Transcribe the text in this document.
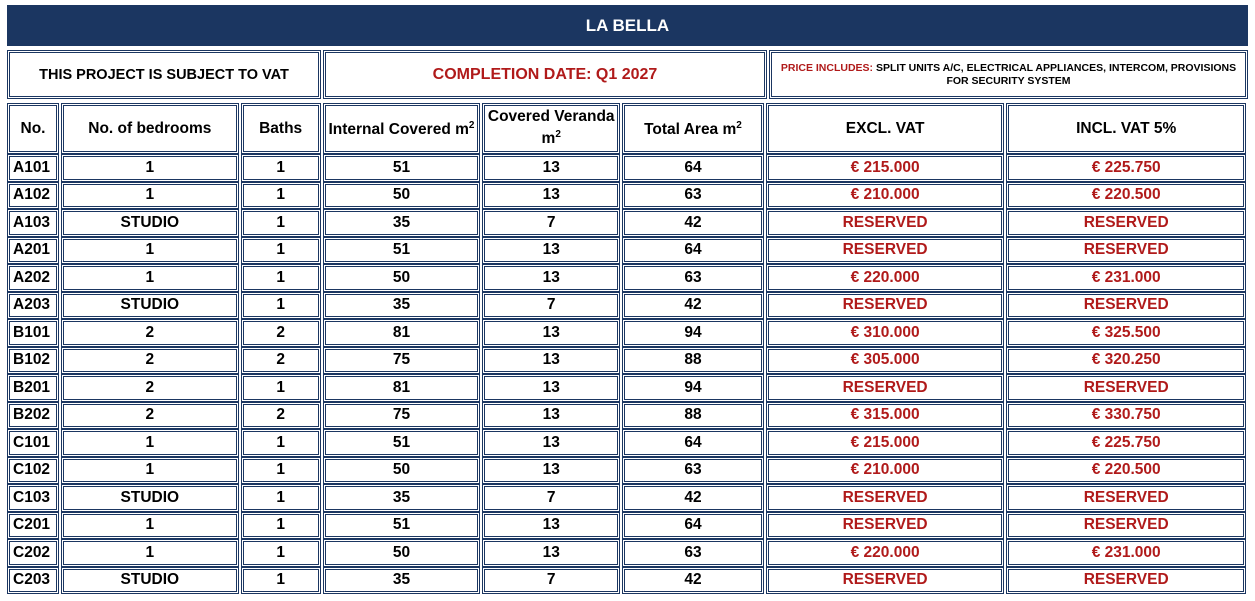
LA BELLA
THIS PROJECT IS SUBJECT TO VAT	COMPLETION DATE: Q1 2027	PRICE INCLUDES: SPLIT UNITS A/C, ELECTRICAL APPLIANCES, INTERCOM, PROVISIONS FOR SECURITY SYSTEM
No.	No. of bedrooms	Baths	Internal Covered $m^2$	Covered Veranda $m^2$	Total Area $m^2$	EXCL. VAT	INCL. VAT 5%
A101	1	1	51	13	64	€ 215.000	€ 225.750
A102	1	1	50	13	63	€ 210.000	€ 220.500
A103	STUDIO	1	35	7	42	RESERVED	RESERVED
A201	1	1	51	13	64	RESERVED	RESERVED
A202	1	1	50	13	63	€ 220.000	€ 231.000
A203	STUDIO	1	35	7	42	RESERVED	RESERVED
B101	2	2	81	13	94	€ 310.000	€ 325.500
B102	2	2	75	13	88	€ 305.000	€ 320.250
B201	2	1	81	13	94	RESERVED	RESERVED
B202	2	2	75	13	88	€ 315.000	€ 330.750
C101	1	1	51	13	64	€ 215.000	€ 225.750
C102	1	1	50	13	63	€ 210.000	€ 220.500
C103	STUDIO	1	35	7	42	RESERVED	RESERVED
C201	1	1	51	13	64	RESERVED	RESERVED
C202	1	1	50	13	63	€ 220.000	€ 231.000
C203	STUDIO	1	35	7	42	RESERVED	RESERVED
